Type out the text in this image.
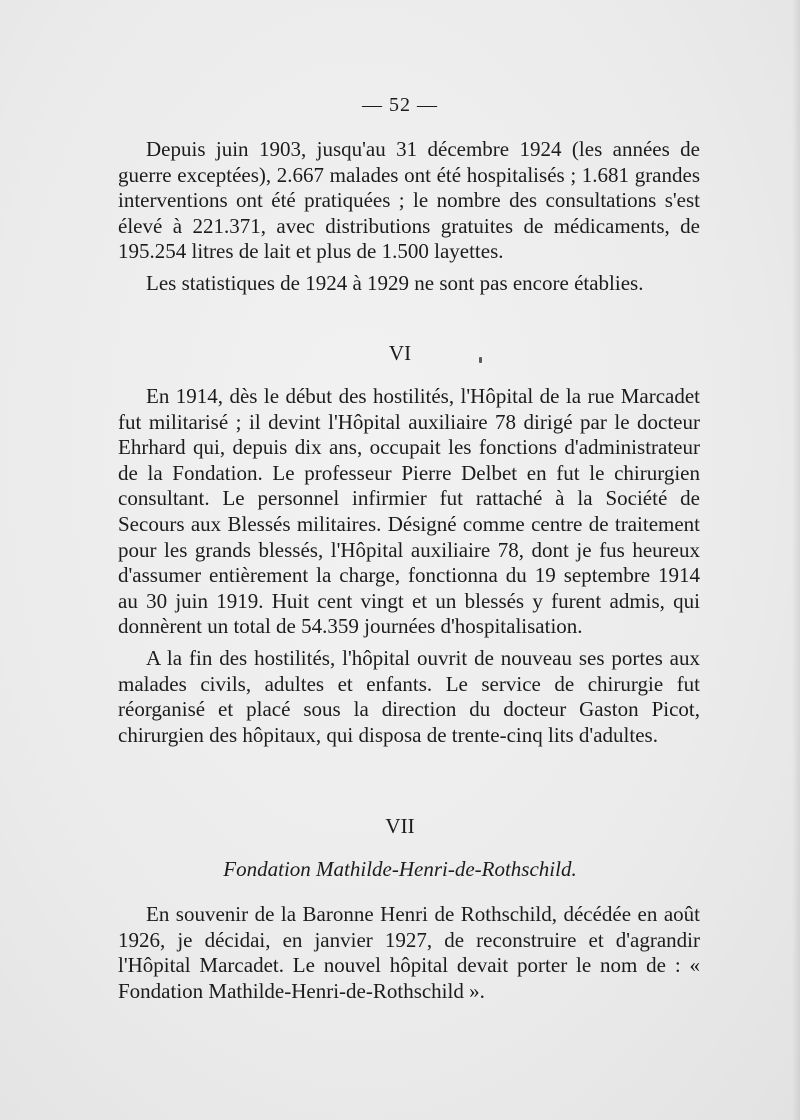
— 52 —

Depuis juin 1903, jusqu'au 31 décembre 1924 (les années de guerre exceptées), 2.667 malades ont été hospitalisés ; 1.681 grandes interventions ont été pratiquées ; le nombre des consultations s'est élevé à 221.371, avec distributions gratuites de médicaments, de 195.254 litres de lait et plus de 1.500 layettes.

Les statistiques de 1924 à 1929 ne sont pas encore établies.

VI

En 1914, dès le début des hostilités, l'Hôpital de la rue Marcadet fut militarisé ; il devint l'Hôpital auxiliaire 78 dirigé par le docteur Ehrhard qui, depuis dix ans, occupait les fonctions d'administrateur de la Fondation. Le professeur Pierre Delbet en fut le chirurgien consultant. Le personnel infirmier fut rattaché à la Société de Secours aux Blessés militaires. Désigné comme centre de traitement pour les grands blessés, l'Hôpital auxiliaire 78, dont je fus heureux d'assumer entièrement la charge, fonctionna du 19 septembre 1914 au 30 juin 1919. Huit cent vingt et un blessés y furent admis, qui donnèrent un total de 54.359 journées d'hospitalisation.

A la fin des hostilités, l'hôpital ouvrit de nouveau ses portes aux malades civils, adultes et enfants. Le service de chirurgie fut réorganisé et placé sous la direction du docteur Gaston Picot, chirurgien des hôpitaux, qui disposa de trente-cinq lits d'adultes.

VII
Fondation Mathilde-Henri-de-Rothschild.

En souvenir de la Baronne Henri de Rothschild, décédée en août 1926, je décidai, en janvier 1927, de reconstruire et d'agrandir l'Hôpital Marcadet. Le nouvel hôpital devait porter le nom de : « Fondation Mathilde-Henri-de-Rothschild ».
